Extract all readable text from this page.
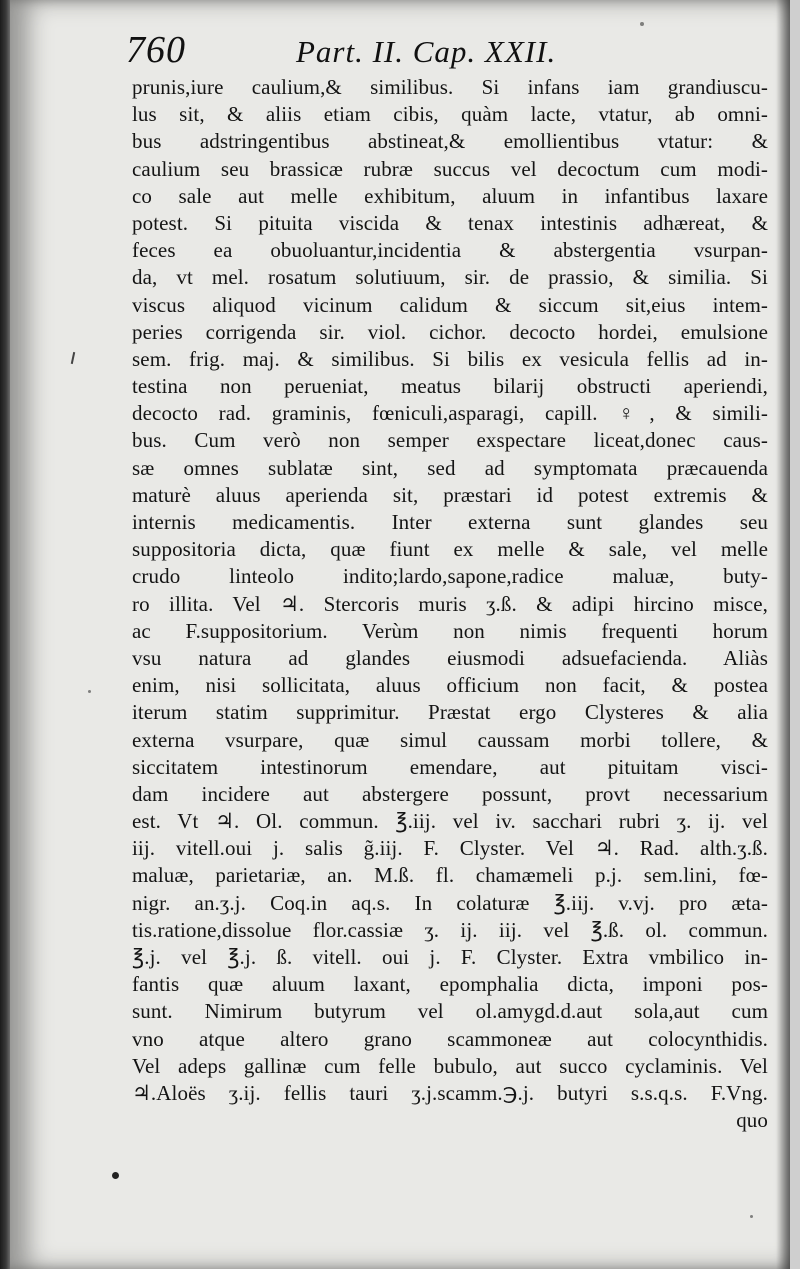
760	Part. II. Cap. XXII.
prunis,iure caulium,& similibus. Si infans iam grandiuscu-
lus sit, & aliis etiam cibis, quàm lacte, vtatur, ab omni-
bus adstringentibus abstineat,& emollientibus vtatur: &
caulium seu brassicæ rubræ succus vel decoctum cum modi-
co sale aut melle exhibitum, aluum in infantibus laxare
potest. Si pituita viscida & tenax intestinis adhæreat, &
feces ea obuoluantur,incidentia & abstergentia vsurpan-
da, vt mel. rosatum solutiuum, sir. de prassio, & similia. Si
viscus aliquod vicinum calidum & siccum sit,eius intem-
peries corrigenda sir. viol. cichor. decocto hordei, emulsione
sem. frig. maj. & similibus. Si bilis ex vesicula fellis ad in-
testina non perueniat, meatus bilarij obstructi aperiendi,
decocto rad. graminis, fœniculi,asparagi, capill. ♀, & simili-
bus. Cum verò non semper exspectare liceat,donec caus-
sæ omnes sublatæ sint, sed ad symptomata præcauenda
maturè aluus aperienda sit, præstari id potest extremis &
internis medicamentis. Inter externa sunt glandes seu
suppositoria dicta, quæ fiunt ex melle & sale, vel melle
crudo linteolo indito;lardo,sapone,radice maluæ, buty-
ro illita. Vel ♃. Stercoris muris ʒ.ß. & adipi hircino misce,
ac F.suppositorium. Verùm non nimis frequenti horum
vsu natura ad glandes eiusmodi adsuefacienda. Aliàs
enim, nisi sollicitata, aluus officium non facit, & postea
iterum statim supprimitur. Præstat ergo Clysteres & alia
externa vsurpare, quæ simul caussam morbi tollere, &
siccitatem intestinorum emendare, aut pituitam visci-
dam incidere aut abstergere possunt, provt necessarium
est. Vt ♃. Ol. commun. ℥.iij. vel iv. sacchari rubri ʒ. ij. vel
iij. vitell.oui j. salis g̃.iij. F. Clyster. Vel ♃. Rad. alth.ʒ.ß.
maluæ, parietariæ, an. M.ß. fl. chamæmeli p.j. sem.lini, fœ-
nigr. an.ʒ.j. Coq.in aq.s. In colaturæ ℥.iij. v.vj. pro æta-
tis.ratione,dissolue flor.cassiæ ʒ. ij. iij. vel ℥.ß. ol. commun.
℥.j. vel ℥.j. ß. vitell. oui j. F. Clyster. Extra vmbilico in-
fantis quæ aluum laxant, epomphalia dicta, imponi pos-
sunt. Nimirum butyrum vel ol.amygd.d.aut sola,aut cum
vno atque altero grano scammoneæ aut colocynthidis.
Vel adeps gallinæ cum felle bubulo, aut succo cyclaminis. Vel
♃.Aloës ʒ.ij. fellis tauri ʒ.j.scamm.℈.j. butyri s.s.q.s. F.Vng.
quo
